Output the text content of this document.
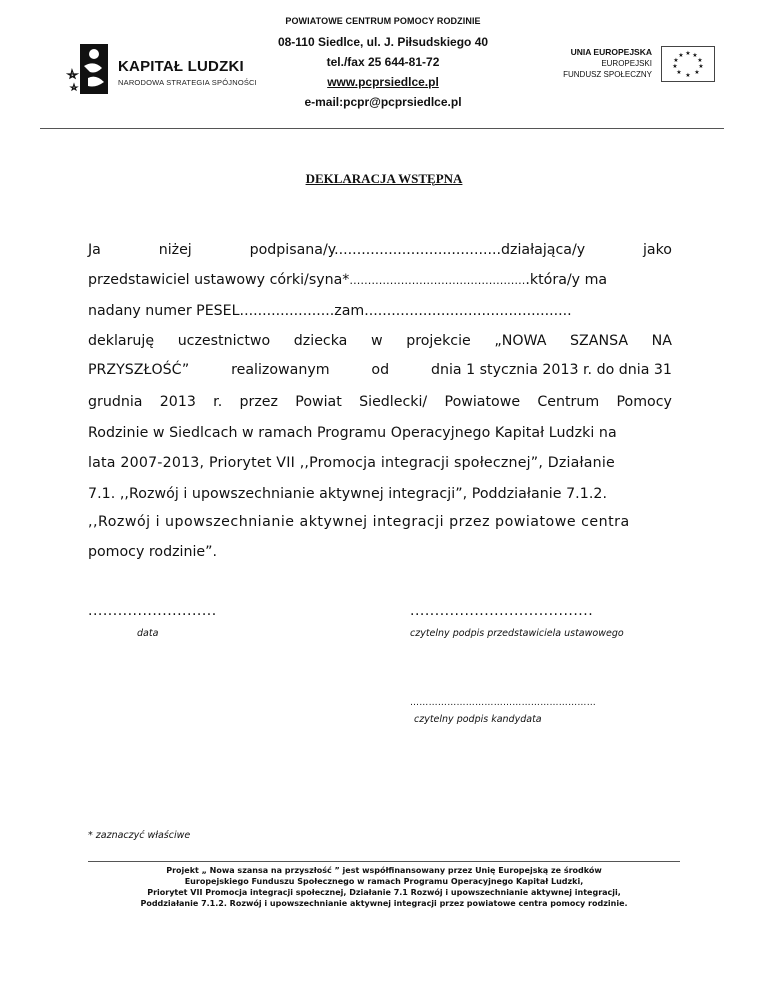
KAPITAŁ LUDZKI
NARODOWA STRATEGIA SPÓJNOŚCI
POWIATOWE CENTRUM POMOCY RODZINIE
08-110 Siedlce, ul. J. Piłsudskiego 40
tel./fax 25 644-81-72
www.pcprsiedlce.pl
e-mail:pcpr@pcprsiedlce.pl
UNIA EUROPEJSKA
EUROPEJSKI
FUNDUSZ SPOŁECZNY
★ ★
★
★
★
★
★
★
★
★
DEKLARACJA WSTĘPNA
Ja	niżej	podpisana/y.....................................działająca/y	jako
przedstawiciel ustawowy córki/syna*………………………………………….która/y ma
nadany numer PESEL.....................zam..............................................
deklaruję uczestnictwo dziecka w projekcie „NOWA SZANSA NA
PRZYSZŁOŚĆ”	realizowanym	od	dnia 1 stycznia 2013 r. do dnia 31
grudnia 2013 r. przez Powiat Siedlecki/ Powiatowe Centrum Pomocy
Rodzinie w Siedlcach w ramach Programu Operacyjnego Kapitał Ludzki na
lata 2007-2013, Priorytet VII ,,Promocja integracji społecznej”, Działanie
7.1. ,,Rozwój i upowszechnianie aktywnej integracji”, Poddziałanie 7.1.2.
,,Rozwój i upowszechnianie aktywnej integracji przez powiatowe centra
pomocy rodzinie”.
..........................
data
.....................................
czytelny podpis przedstawiciela ustawowego
……………………………………………………
czytelny podpis kandydata
* zaznaczyć właściwe
Projekt „ Nowa szansa na przyszłość ” jest współfinansowany przez Unię Europejską ze środków
Europejskiego Funduszu Społecznego w ramach Programu Operacyjnego Kapitał Ludzki,
Priorytet VII Promocja integracji społecznej, Działanie 7.1 Rozwój i upowszechnianie aktywnej integracji,
Poddziałanie 7.1.2. Rozwój i upowszechnianie aktywnej integracji przez powiatowe centra pomocy rodzinie.
